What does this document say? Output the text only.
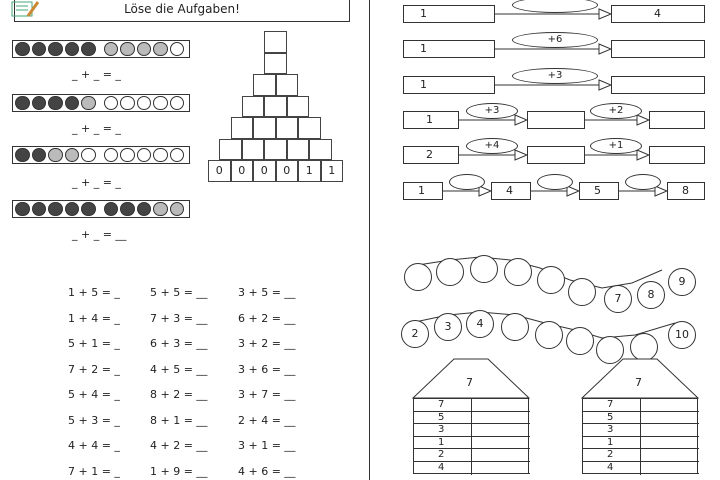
Löse die Aufgaben!
_ + _ = _
_ + _ = _
_ + _ = _
_ + _ = __
0	0	0	0	1	1
1 + 5 = _
1 + 4 = _
5 + 1 = _
7 + 2 = _
5 + 4 = _
5 + 3 = _
4 + 4 = _
7 + 1 = _
5 + 5 = __
7 + 3 = __
6 + 3 = __
4 + 5 = __
8 + 2 = __
8 + 1 = __
4 + 2 = __
1 + 9 = __
3 + 5 = __
6 + 2 = __
3 + 2 = __
3 + 6 = __
3 + 7 = __
2 + 4 = __
3 + 1 = __
4 + 6 = __
1	4
1
+6
1
+3
1
+3	+2
2
+4	+1
1	4	5	8
7	8
9
2
3	4
10
7
7
5
3
1
2
4
7
7
5
3
1
2
4
